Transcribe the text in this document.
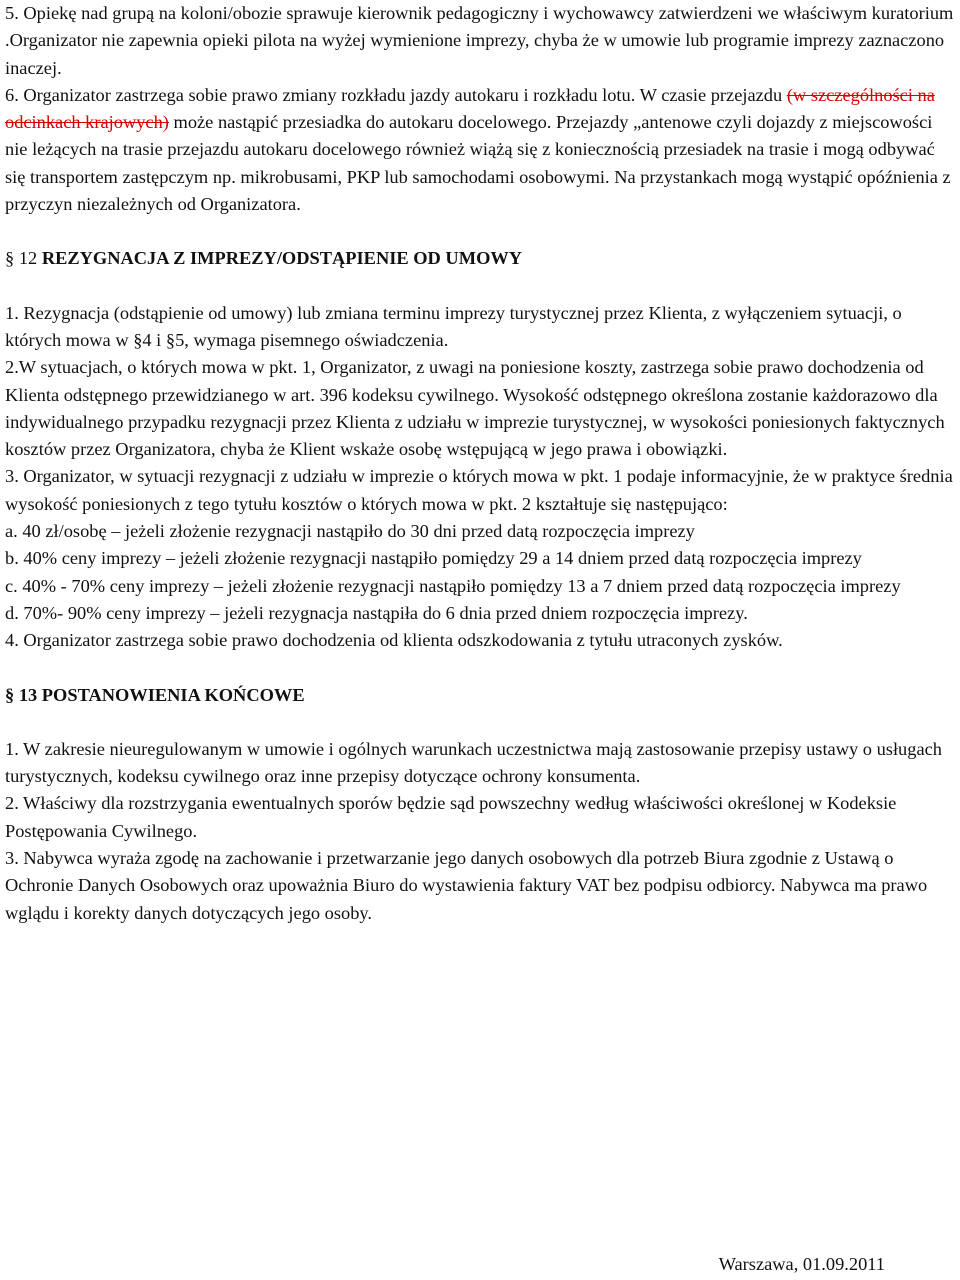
5. Opiekę nad grupą na koloni/obozie sprawuje kierownik pedagogiczny i wychowawcy zatwierdzeni we właściwym kuratorium .Organizator nie zapewnia opieki pilota na wyżej wymienione imprezy, chyba że w umowie lub programie imprezy zaznaczono inaczej.

6. Organizator zastrzega sobie prawo zmiany rozkładu jazdy autokaru i rozkładu lotu. W czasie przejazdu (w szczególności na odcinkach krajowych) może nastąpić przesiadka do autokaru docelowego. Przejazdy „antenowe czyli dojazdy z miejscowości nie leżących na trasie przejazdu autokaru docelowego również wiążą się z koniecznością przesiadek na trasie i mogą odbywać się transportem zastępczym np. mikrobusami, PKP lub samochodami osobowymi. Na przystankach mogą wystąpić opóźnienia z przyczyn niezależnych od Organizatora.

§ 12 REZYGNACJA Z IMPREZY/ODSTĄPIENIE OD UMOWY

1. Rezygnacja (odstąpienie od umowy) lub zmiana terminu imprezy turystycznej przez Klienta, z wyłączeniem sytuacji, o których mowa w §4 i §5, wymaga pisemnego oświadczenia.

2.W sytuacjach, o których mowa w pkt. 1, Organizator, z uwagi na poniesione koszty, zastrzega sobie prawo dochodzenia od Klienta odstępnego przewidzianego w art. 396 kodeksu cywilnego. Wysokość odstępnego określona zostanie każdorazowo dla indywidualnego przypadku rezygnacji przez Klienta z udziału w imprezie turystycznej, w wysokości poniesionych faktycznych kosztów przez Organizatora, chyba że Klient wskaże osobę wstępującą w jego prawa i obowiązki.

3. Organizator, w sytuacji rezygnacji z udziału w imprezie o których mowa w pkt. 1 podaje informacyjnie, że w praktyce średnia wysokość poniesionych z tego tytułu kosztów o których mowa w pkt. 2 kształtuje się następująco:

a. 40 zł/osobę – jeżeli złożenie rezygnacji nastąpiło do 30 dni przed datą rozpoczęcia imprezy

b. 40% ceny imprezy – jeżeli złożenie rezygnacji nastąpiło pomiędzy 29 a 14 dniem przed datą rozpoczęcia imprezy

c. 40% - 70% ceny imprezy – jeżeli złożenie rezygnacji nastąpiło pomiędzy 13 a 7 dniem przed datą rozpoczęcia imprezy

d. 70%- 90% ceny imprezy – jeżeli rezygnacja nastąpiła do 6 dnia przed dniem rozpoczęcia imprezy.

4. Organizator zastrzega sobie prawo dochodzenia od klienta odszkodowania z tytułu utraconych zysków.

§ 13 POSTANOWIENIA KOŃCOWE

1. W zakresie nieuregulowanym w umowie i ogólnych warunkach uczestnictwa mają zastosowanie przepisy ustawy o usługach turystycznych, kodeksu cywilnego oraz inne przepisy dotyczące ochrony konsumenta.

2. Właściwy dla rozstrzygania ewentualnych sporów będzie sąd powszechny według właściwości określonej w Kodeksie Postępowania Cywilnego.

3. Nabywca wyraża zgodę na zachowanie i przetwarzanie jego danych osobowych dla potrzeb Biura zgodnie z Ustawą o Ochronie Danych Osobowych oraz upoważnia Biuro do wystawienia faktury VAT bez podpisu odbiorcy. Nabywca ma prawo wglądu i korekty danych dotyczących jego osoby.

Warszawa, 01.09.2011
